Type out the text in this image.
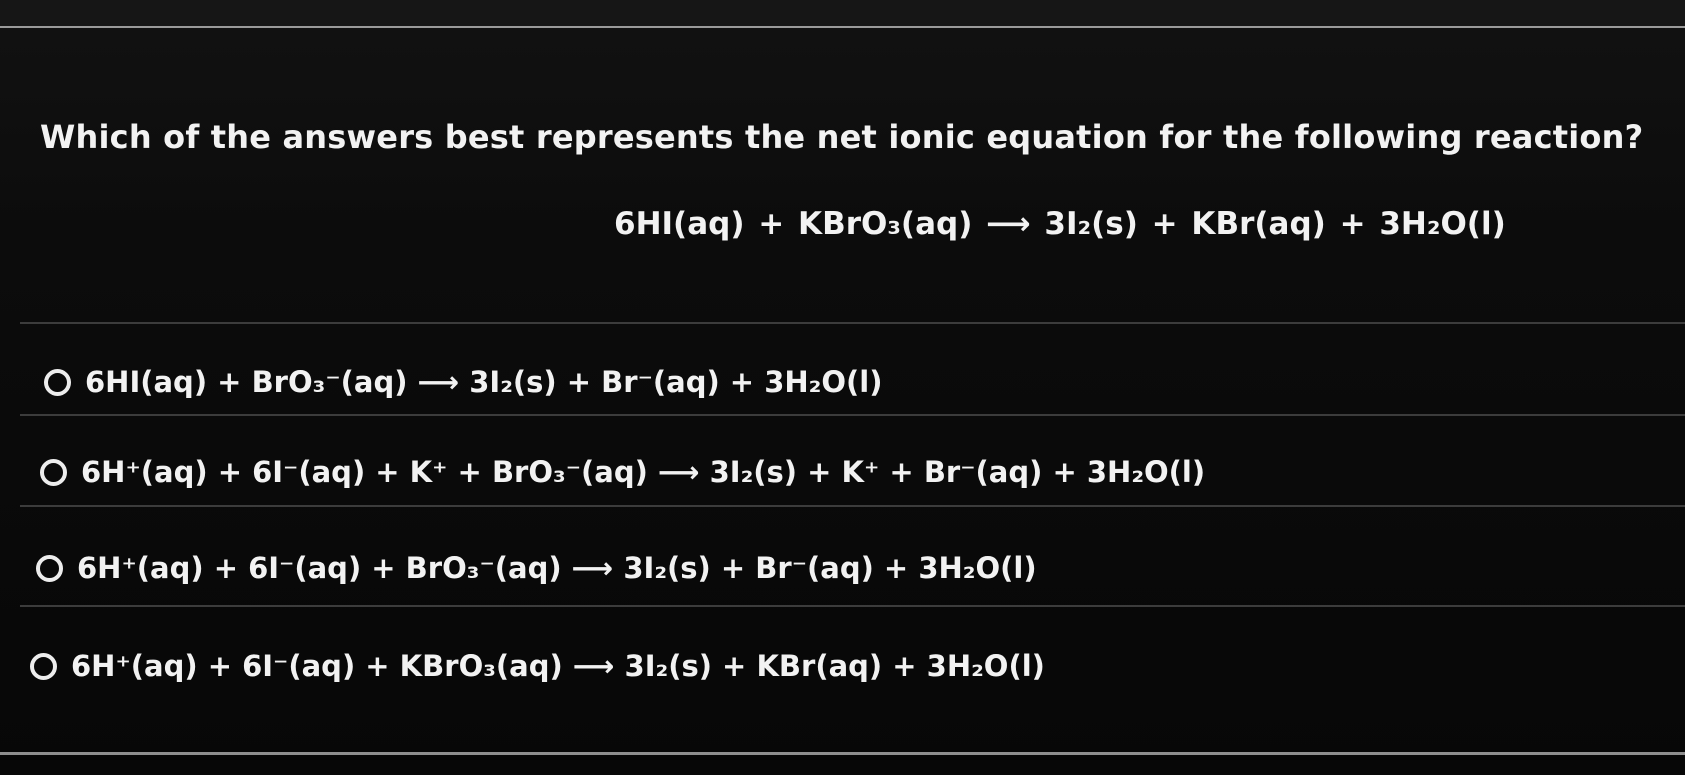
Which of the answers best represents the net ionic equation for the following reaction?
6HI(aq) + KBrO₃(aq) ⟶ 3I₂(s) + KBr(aq) + 3H₂O(l)
6HI(aq) + BrO₃⁻(aq) ⟶ 3I₂(s) + Br⁻(aq) + 3H₂O(l)
6H⁺(aq) + 6I⁻(aq) + K⁺ + BrO₃⁻(aq) ⟶ 3I₂(s) + K⁺ + Br⁻(aq) + 3H₂O(l)
6H⁺(aq) + 6I⁻(aq) + BrO₃⁻(aq) ⟶ 3I₂(s) + Br⁻(aq) + 3H₂O(l)
6H⁺(aq) + 6I⁻(aq) + KBrO₃(aq) ⟶ 3I₂(s) + KBr(aq) + 3H₂O(l)
